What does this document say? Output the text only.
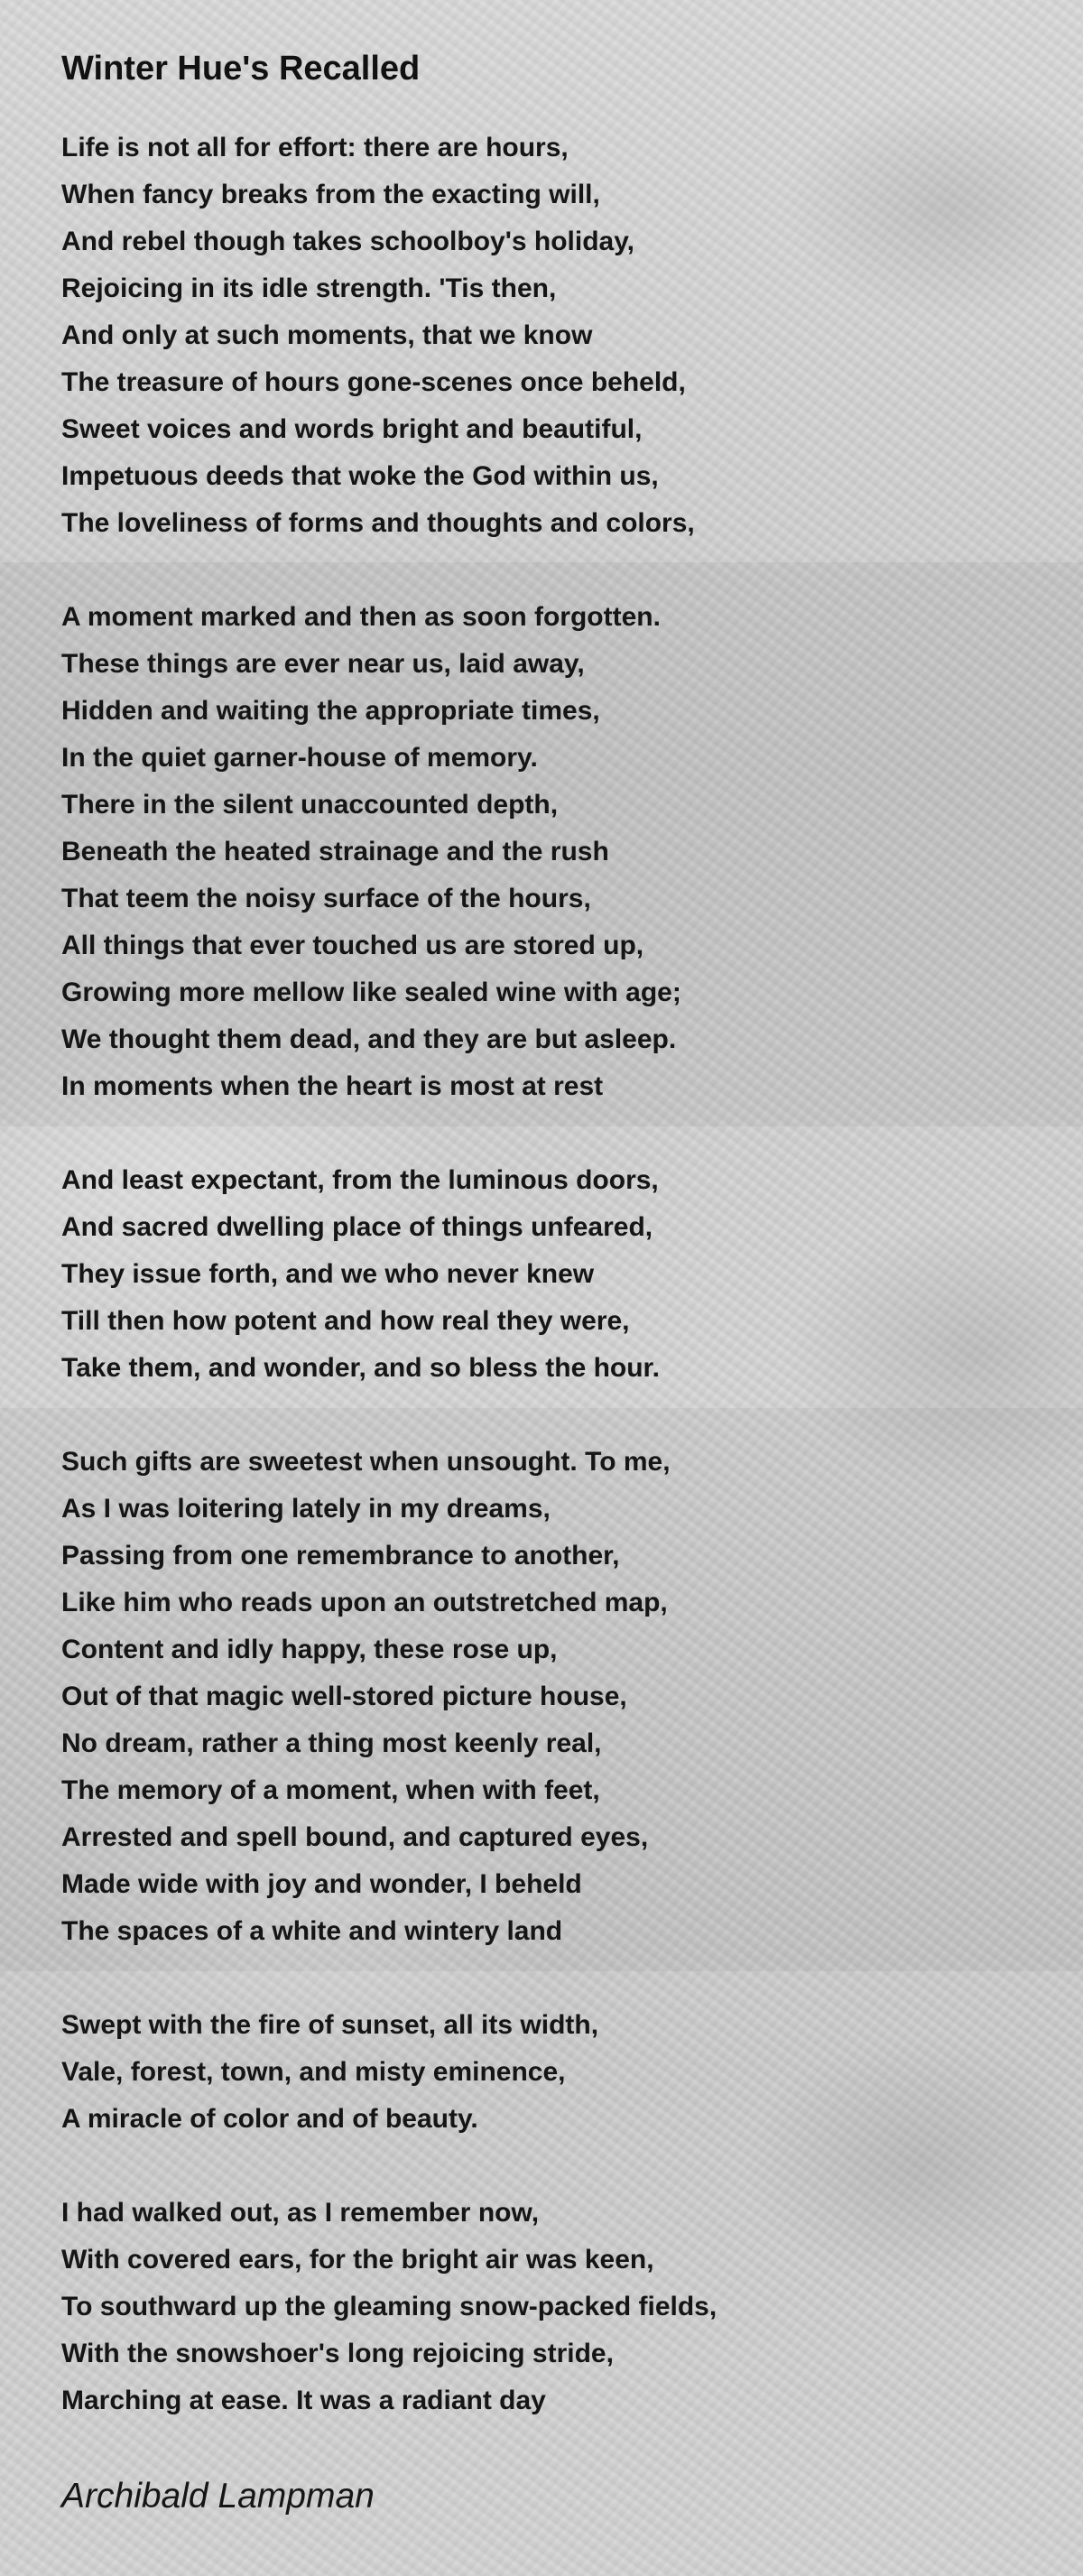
Winter Hue's Recalled
Life is not all for effort: there are hours,
When fancy breaks from the exacting will,
And rebel though takes schoolboy's holiday,
Rejoicing in its idle strength. 'Tis then,
And only at such moments, that we know
The treasure of hours gone-scenes once beheld,
Sweet voices and words bright and beautiful,
Impetuous deeds that woke the God within us,
The loveliness of forms and thoughts and colors,
A moment marked and then as soon forgotten.
These things are ever near us, laid away,
Hidden and waiting the appropriate times,
In the quiet garner-house of memory.
There in the silent unaccounted depth,
Beneath the heated strainage and the rush
That teem the noisy surface of the hours,
All things that ever touched us are stored up,
Growing more mellow like sealed wine with age;
We thought them dead, and they are but asleep.
In moments when the heart is most at rest
And least expectant, from the luminous doors,
And sacred dwelling place of things unfeared,
They issue forth, and we who never knew
Till then how potent and how real they were,
Take them, and wonder, and so bless the hour.
Such gifts are sweetest when unsought. To me,
As I was loitering lately in my dreams,
Passing from one remembrance to another,
Like him who reads upon an outstretched map,
Content and idly happy, these rose up,
Out of that magic well-stored picture house,
No dream, rather a thing most keenly real,
The memory of a moment, when with feet,
Arrested and spell bound, and captured eyes,
Made wide with joy and wonder, I beheld
The spaces of a white and wintery land
Swept with the fire of sunset, all its width,
Vale, forest, town, and misty eminence,
A miracle of color and of beauty.
I had walked out, as I remember now,
With covered ears, for the bright air was keen,
To southward up the gleaming snow-packed fields,
With the snowshoer's long rejoicing stride,
Marching at ease. It was a radiant day
Archibald Lampman
